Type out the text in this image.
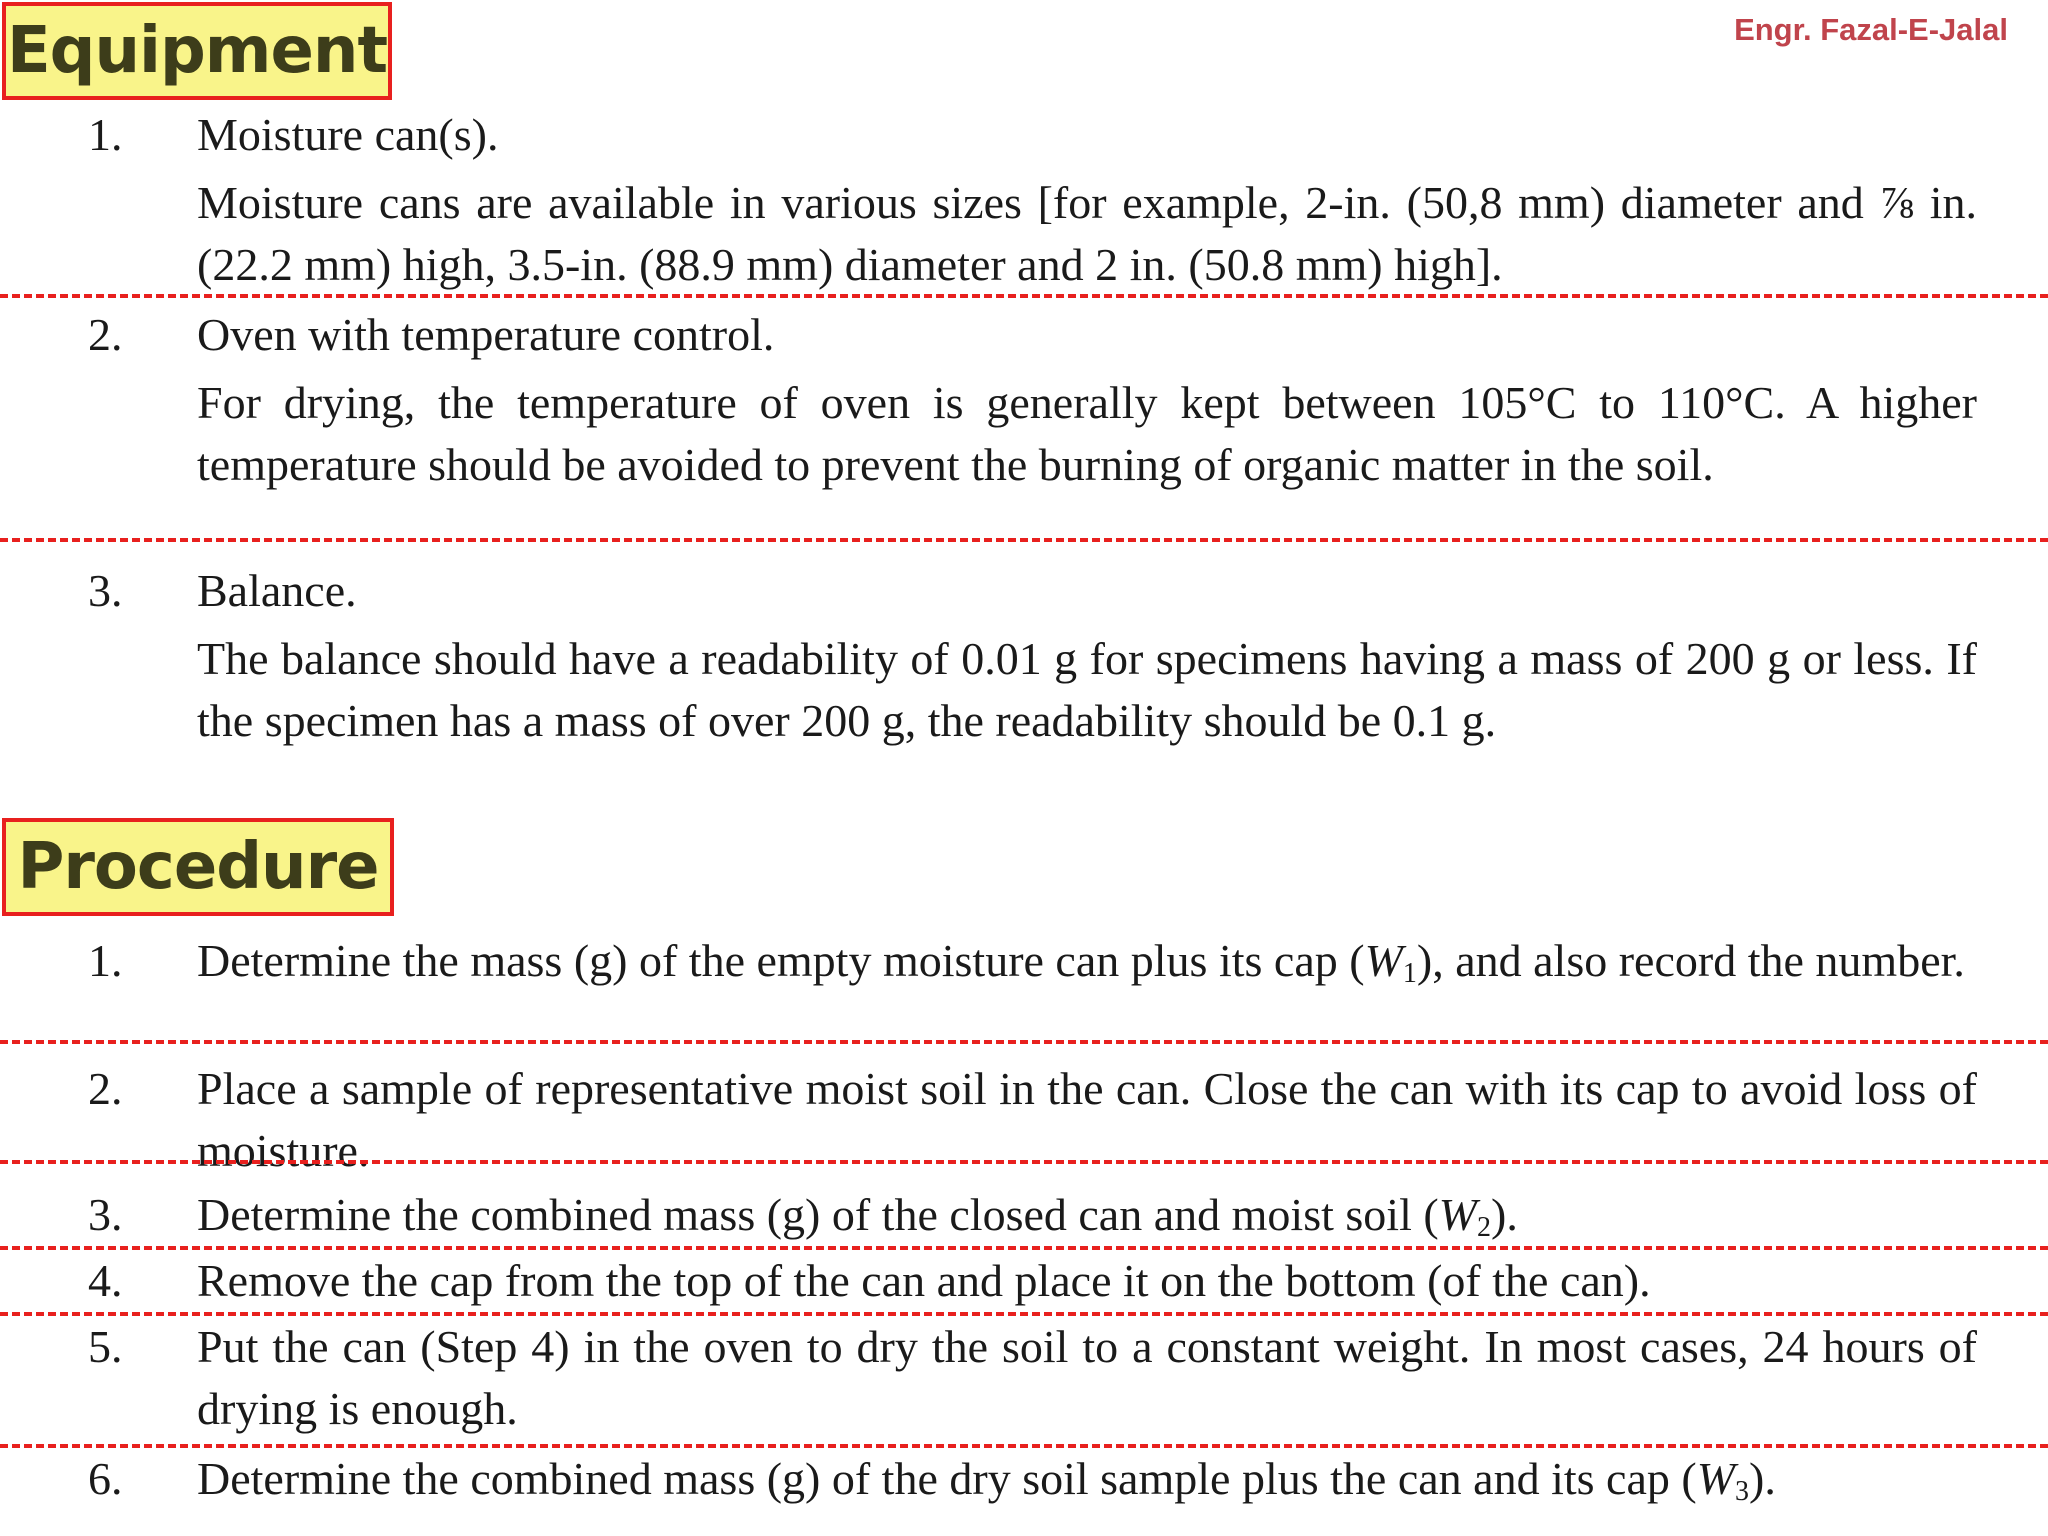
Equipment	Engr. Fazal-E-Jalal
1. Moisture can(s).

Moisture cans are available in various sizes [for example, 2-in. (50,8 mm) diameter and ⅞ in. (22.2 mm) high, 3.5-in. (88.9 mm) diameter and 2 in. (50.8 mm) high].

2. Oven with temperature control.

For drying, the temperature of oven is generally kept between 105°C to 110°C. A higher temperature should be avoided to prevent the burning of organic matter in the soil.

3. Balance.

The balance should have a readability of 0.01 g for specimens having a mass of 200 g or less. If the specimen has a mass of over 200 g, the readability should be 0.1 g.

Procedure
1. Determine the mass (g) of the empty moisture can plus its cap $(W_1)$, and also record the number.

2. Place a sample of representative moist soil in the can. Close the can with its cap to avoid loss of moisture.

3. Determine the combined mass (g) of the closed can and moist soil $(W_2)$.

4. Remove the cap from the top of the can and place it on the bottom (of the can).

5. Put the can (Step 4) in the oven to dry the soil to a constant weight. In most cases, 24 hours of drying is enough.

6. Determine the combined mass (g) of the dry soil sample plus the can and its cap $(W_3)$.
